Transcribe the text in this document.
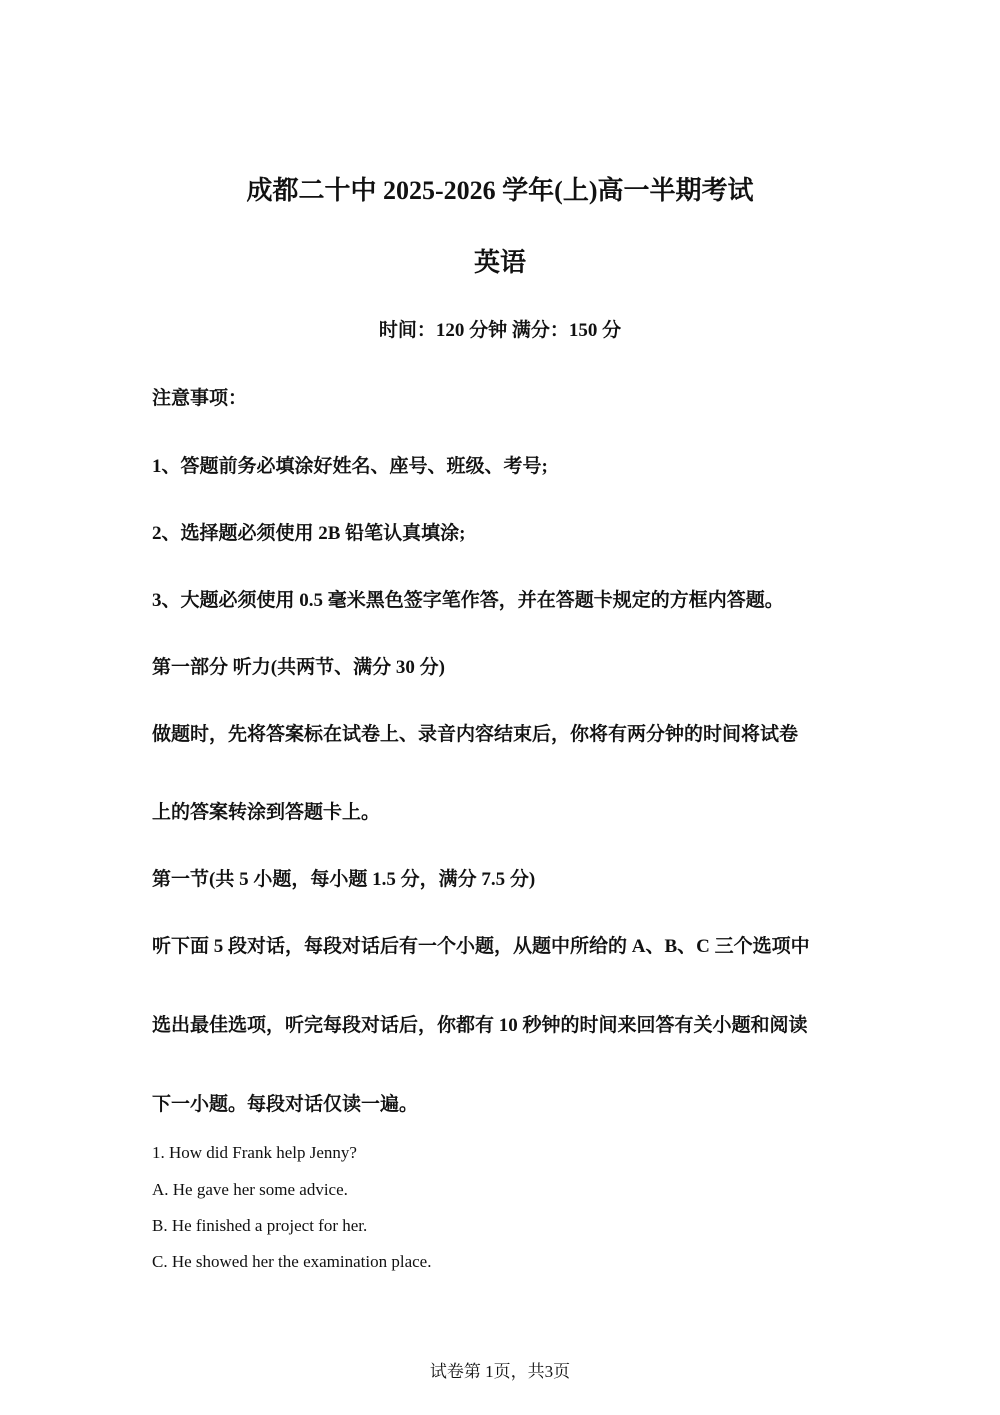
成都二十中 2025-2026 学年(上)高一半期考试
英语
时间：120 分钟 满分：150 分
注意事项：
1、答题前务必填涂好姓名、座号、班级、考号;
2、选择题必须使用 2B 铅笔认真填涂;
3、大题必须使用 0.5 毫米黑色签字笔作答，并在答题卡规定的方框内答题。
第一部分 听力(共两节、满分 30 分)
做题时，先将答案标在试卷上、录音内容结束后，你将有两分钟的时间将试卷
上的答案转涂到答题卡上。
第一节(共 5 小题，每小题 1.5 分，满分 7.5 分)
听下面 5 段对话，每段对话后有一个小题，从题中所给的 A、B、C 三个选项中
选出最佳选项，听完每段对话后，你都有 10 秒钟的时间来回答有关小题和阅读
下一小题。每段对话仅读一遍。
1. How did Frank help Jenny?
A. He gave her some advice.
B. He finished a project for her.
C. He showed her the examination place.
试卷第 1页，共3页
